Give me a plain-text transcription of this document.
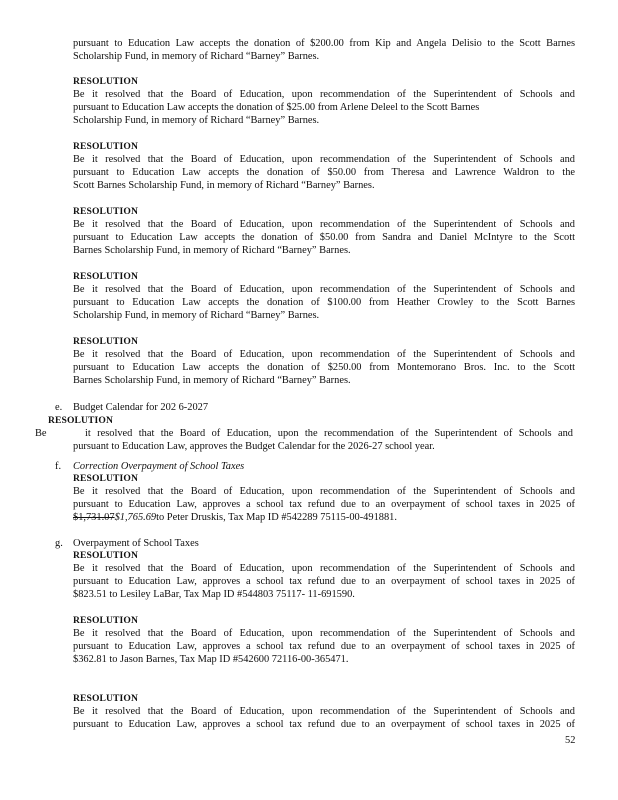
pursuant to Education Law accepts the donation of $200.00 from Kip and Angela Delisio to the Scott Barnes
Scholarship Fund, in memory of Richard “Barney” Barnes.
RESOLUTION
Be it resolved that the Board of Education, upon recommendation of the Superintendent of Schools and
pursuant to Education Law accepts the donation of $25.00 from Arlene Deleel to the Scott Barnes
Scholarship Fund, in memory of Richard “Barney” Barnes.
RESOLUTION
Be it resolved that the Board of Education, upon recommendation of the Superintendent of Schools and
pursuant to Education Law accepts the donation of $50.00 from Theresa and Lawrence Waldron to the
Scott Barnes Scholarship Fund, in memory of Richard “Barney” Barnes.
RESOLUTION
Be it resolved that the Board of Education, upon recommendation of the Superintendent of Schools and
pursuant to Education Law accepts the donation of $50.00 from Sandra and Daniel McIntyre to the Scott
Barnes Scholarship Fund, in memory of Richard “Barney” Barnes.
RESOLUTION
Be it resolved that the Board of Education, upon recommendation of the Superintendent of Schools and
pursuant to Education Law accepts the donation of $100.00 from Heather Crowley to the Scott Barnes
Scholarship Fund, in memory of Richard “Barney” Barnes.
RESOLUTION
Be it resolved that the Board of Education, upon recommendation of the Superintendent of Schools and
pursuant to Education Law accepts the donation of $250.00 from Montemorano Bros. Inc. to the Scott
Barnes Scholarship Fund, in memory of Richard “Barney” Barnes.
e. Budget Calendar for 202 6-2027
RESOLUTION
Be	it resolved that the Board of Education, upon the recommendation of the Superintendent of Schools and
pursuant to Education Law, approves the Budget Calendar for the 2026-27 school year.
f. Correction Overpayment of School Taxes
RESOLUTION
Be it resolved that the Board of Education, upon recommendation of the Superintendent of Schools and
pursuant to Education Law, approves a school tax refund due to an overpayment of school taxes in 2025 of
$1,731.07$1,765.69to Peter Druskis, Tax Map ID #542289 75115-00-491881.
g. Overpayment of School Taxes
RESOLUTION
Be it resolved that the Board of Education, upon recommendation of the Superintendent of Schools and
pursuant to Education Law, approves a school tax refund due to an overpayment of school taxes in 2025 of
$823.51 to Lesiley LaBar, Tax Map ID #544803 75117- 11-691590.
RESOLUTION
Be it resolved that the Board of Education, upon recommendation of the Superintendent of Schools and
pursuant to Education Law, approves a school tax refund due to an overpayment of school taxes in 2025 of
$362.81 to Jason Barnes, Tax Map ID #542600 72116-00-365471.
RESOLUTION
Be it resolved that the Board of Education, upon recommendation of the Superintendent of Schools and
pursuant to Education Law, approves a school tax refund due to an overpayment of school taxes in 2025 of
52
